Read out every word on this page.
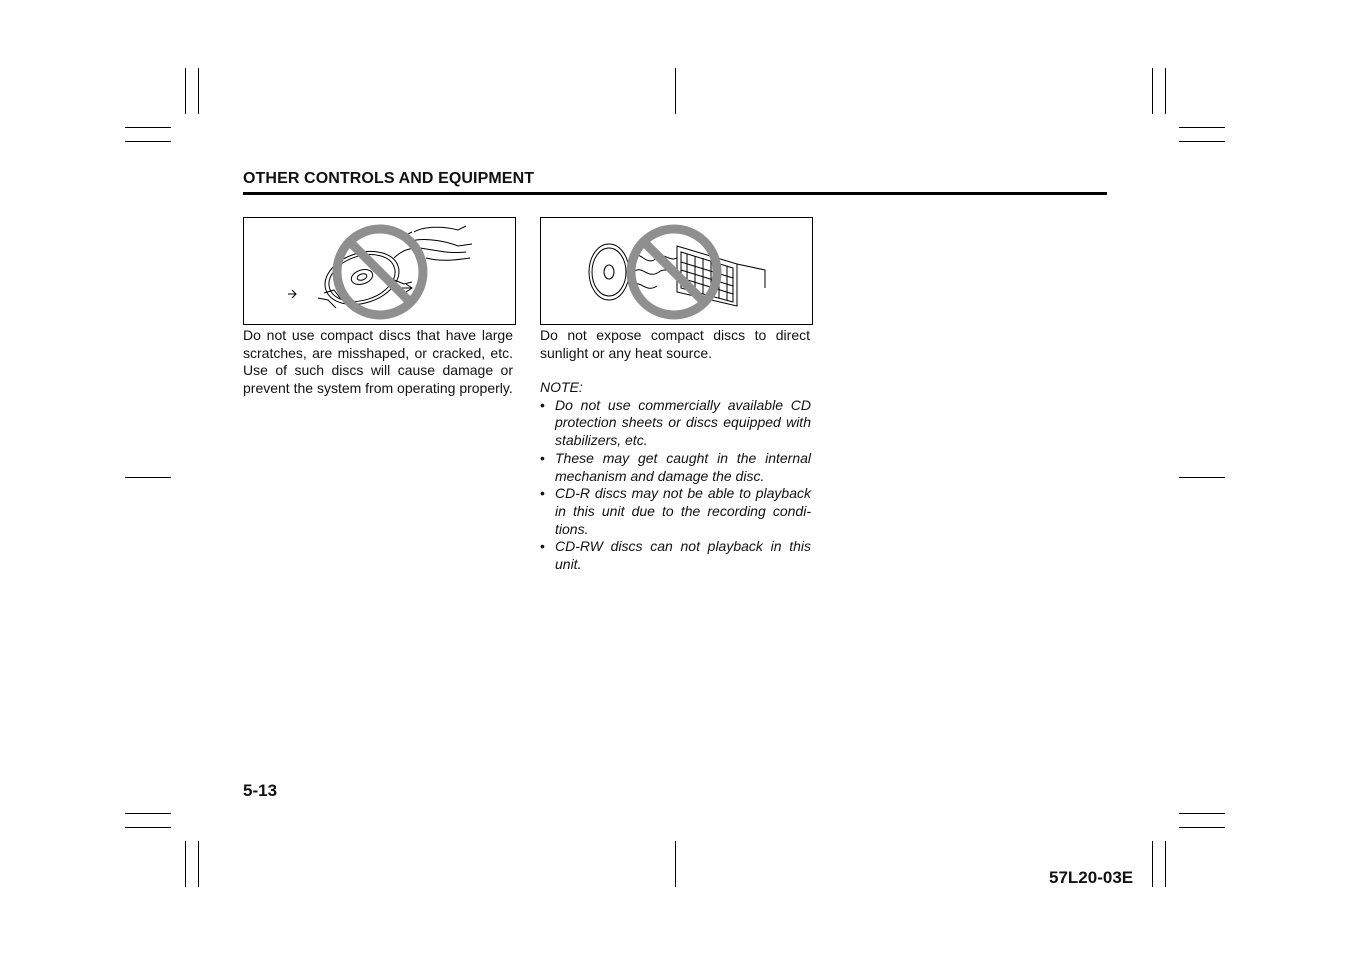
OTHER CONTROLS AND EQUIPMENT

Do not use compact discs that have large scratches, are misshaped, or cracked, etc. Use of such discs will cause damage or prevent the system from operating properly.

Do not expose compact discs to direct sunlight or any heat source.

NOTE:

• Do not use commercially available CD protection sheets or discs equipped with stabilizers, etc.
• These may get caught in the internal mechanism and damage the disc.
• CD-R discs may not be able to playback in this unit due to the recording conditions.
• CD-RW discs can not playback in this unit.
5-13
57L20-03E
